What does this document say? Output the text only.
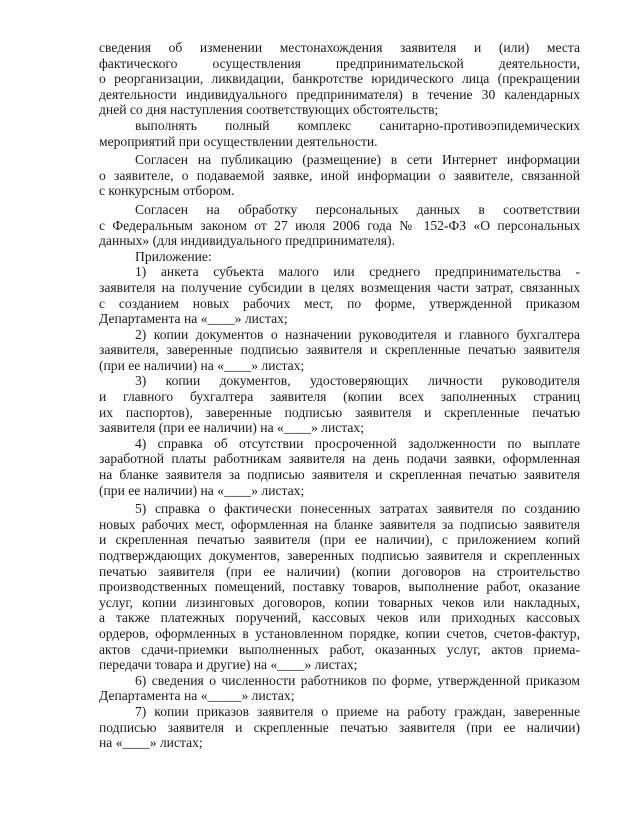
сведения об изменении местонахождения заявителя и (или) места
фактического осуществления предпринимательской деятельности,
о реорганизации, ликвидации, банкротстве юридического лица (прекращении
деятельности индивидуального предпринимателя) в течение 30 календарных
дней со дня наступления соответствующих обстоятельств;
выполнять полный комплекс санитарно-противоэпидемических
мероприятий при осуществлении деятельности.
Согласен на публикацию (размещение) в сети Интернет информации
о заявителе, о подаваемой заявке, иной информации о заявителе, связанной
с конкурсным отбором.
Согласен на обработку персональных данных в соответствии
с Федеральным законом от 27 июля 2006 года № 152-ФЗ «О персональных
данных» (для индивидуального предпринимателя).
Приложение:
1) анкета субъекта малого или среднего предпринимательства -
заявителя на получение субсидии в целях возмещения части затрат, связанных
с созданием новых рабочих мест, по форме, утвержденной приказом
Департамента на «____» листах;
2) копии документов о назначении руководителя и главного бухгалтера
заявителя, заверенные подписью заявителя и скрепленные печатью заявителя
(при ее наличии) на «____» листах;
3) копии документов, удостоверяющих личности руководителя
и главного бухгалтера заявителя (копии всех заполненных страниц
их паспортов), заверенные подписью заявителя и скрепленные печатью
заявителя (при ее наличии) на «____» листах;
4) справка об отсутствии просроченной задолженности по выплате
заработной платы работникам заявителя на день подачи заявки, оформленная
на бланке заявителя за подписью заявителя и скрепленная печатью заявителя
(при ее наличии) на «____» листах;
5) справка о фактически понесенных затратах заявителя по созданию
новых рабочих мест, оформленная на бланке заявителя за подписью заявителя
и скрепленная печатью заявителя (при ее наличии), с приложением копий
подтверждающих документов, заверенных подписью заявителя и скрепленных
печатью заявителя (при ее наличии) (копии договоров на строительство
производственных помещений, поставку товаров, выполнение работ, оказание
услуг, копии лизинговых договоров, копии товарных чеков или накладных,
а также платежных поручений, кассовых чеков или приходных кассовых
ордеров, оформленных в установленном порядке, копии счетов, счетов-фактур,
актов сдачи-приемки выполненных работ, оказанных услуг, актов приема-
передачи товара и другие) на «____» листах;
6) сведения о численности работников по форме, утвержденной приказом
Департамента на «_____» листах;
7) копии приказов заявителя о приеме на работу граждан, заверенные
подписью заявителя и скрепленные печатью заявителя (при ее наличии)
на «____» листах;
